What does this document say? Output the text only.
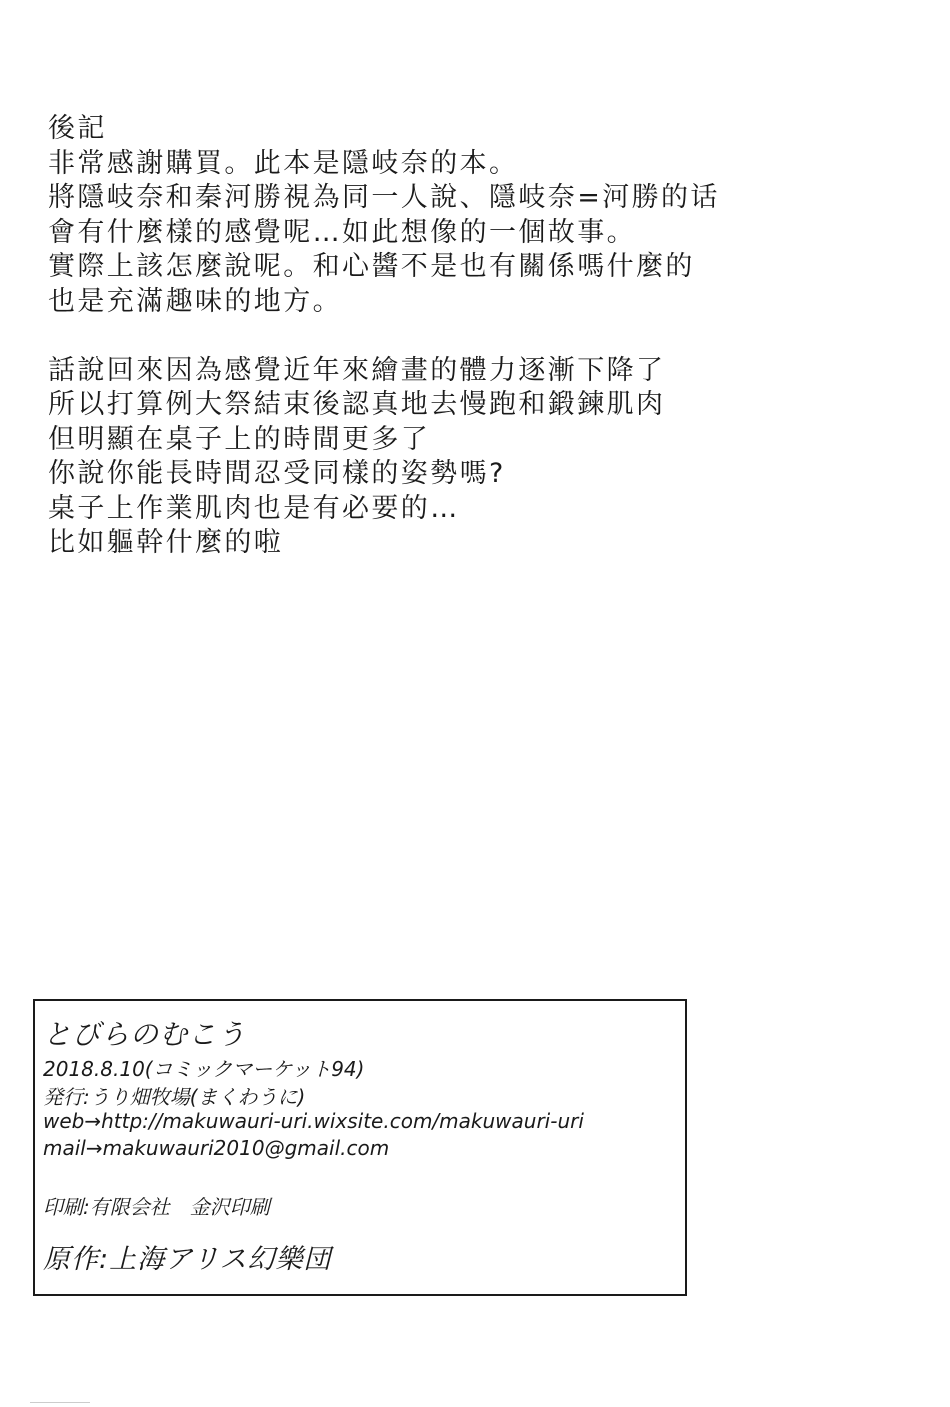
後記
非常感謝購買。此本是隱岐奈的本。
將隱岐奈和秦河勝視為同一人說、隱岐奈=河勝的话
會有什麼樣的感覺呢…如此想像的一個故事。
實際上該怎麼說呢。和心醬不是也有關係嗎什麼的
也是充滿趣味的地方。
話說回來因為感覺近年來繪畫的體力逐漸下降了
所以打算例大祭結束後認真地去慢跑和鍛鍊肌肉
但明顯在桌子上的時間更多了
你說你能長時間忍受同樣的姿勢嗎?
桌子上作業肌肉也是有必要的…
比如軀幹什麼的啦
とびらのむこう
2018.8.10(コミックマーケット94)
発行:うり畑牧場(まくわうに)
web→http://makuwauri-uri.wixsite.com/makuwauri-uri
mail→makuwauri2010@gmail.com
印刷:有限会社　金沢印刷
原作:上海アリス幻樂団
